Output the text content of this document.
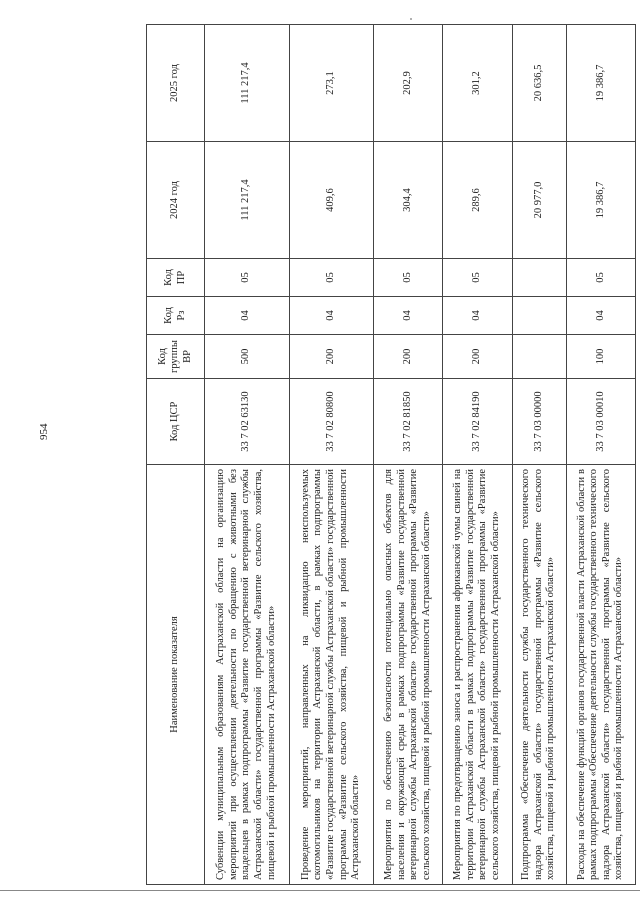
954
Наименование показателя	Код ЦСР	Код группы ВР	Код Рз	Код ПР	2024 год	2025 год
Субвенции муниципальным образованиям Астраханской области на организацию мероприятий при осуществлении деятельности по обращению с животными без владельцев в рамках подпрограммы «Развитие государственной ветеринарной службы Астраханской области» государственной программы «Развитие сельского хозяйства, пищевой и рыбной промышленности Астраханской области»	33 7 02 63130	500	04	05	111 217,4	111 217,4
Проведение мероприятий, направленных на ликвидацию неиспользуемых скотомогильников на территории Астраханской области, в рамках подпрограммы «Развитие государственной ветеринарной службы Астраханской области» государственной программы «Развитие сельского хозяйства, пищевой и рыбной промышленности Астраханской области»	33 7 02 80800	200	04	05	409,6	273,1
Мероприятия по обеспечению безопасности потенциально опасных объектов для населения и окружающей среды в рамках подпрограммы «Развитие государственной ветеринарной службы Астраханской области» государственной программы «Развитие сельского хозяйства, пищевой и рыбной промышленности Астраханской области»	33 7 02 81850	200	04	05	304,4	202,9
Мероприятия по предотвращению заноса и распространения африканской чумы свиней на территории Астраханской области в рамках подпрограммы «Развитие государственной ветеринарной службы Астраханской области» государственной программы «Развитие сельского хозяйства, пищевой и рыбной промышленности Астраханской области»	33 7 02 84190	200	04	05	289,6	301,2
Подпрограмма «Обеспечение деятельности службы государственного технического надзора Астраханской области» государственной программы «Развитие сельского хозяйства, пищевой и рыбной промышленности Астраханской области»	33 7 03 00000				20 977,0	20 636,5
Расходы на обеспечение функций органов государственной власти Астраханской области в рамках подпрограммы «Обеспечение деятельности службы государственного технического надзора Астраханской области» государственной программы «Развитие сельского хозяйства, пищевой и рыбной промышленности Астраханской области»	33 7 03 00010	100	04	05	19 386,7	19 386,7
